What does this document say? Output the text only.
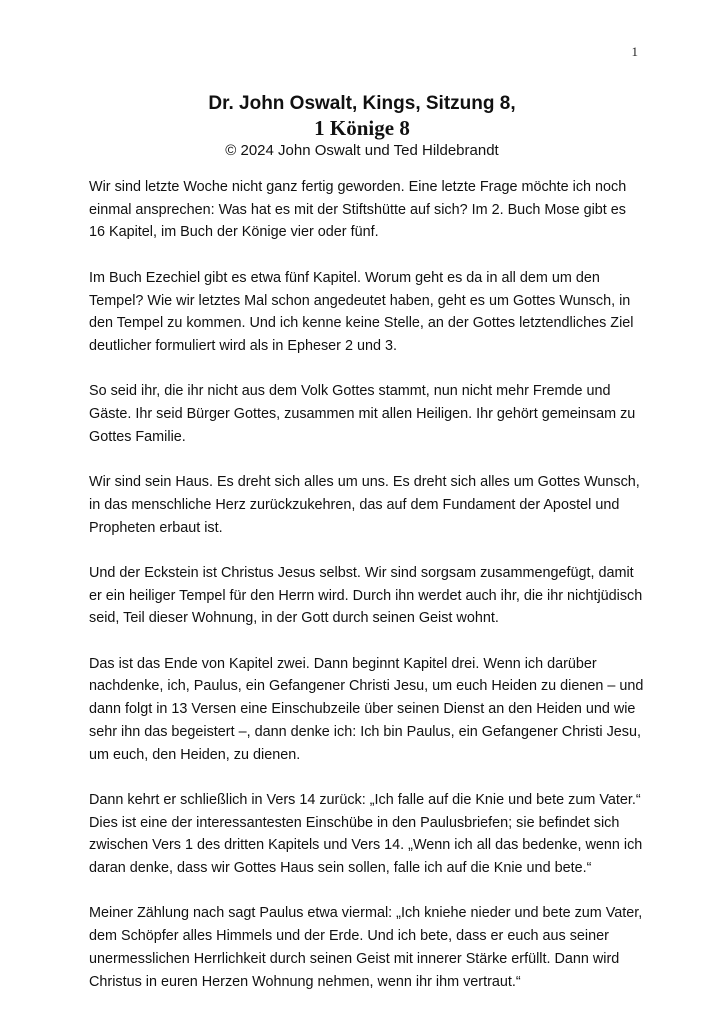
1

Dr. John Oswalt, Kings, Sitzung 8,

1 Könige 8

© 2024 John Oswalt und Ted Hildebrandt

Wir sind letzte Woche nicht ganz fertig geworden. Eine letzte Frage möchte ich noch einmal ansprechen: Was hat es mit der Stiftshütte auf sich? Im 2. Buch Mose gibt es 16 Kapitel, im Buch der Könige vier oder fünf.

Im Buch Ezechiel gibt es etwa fünf Kapitel. Worum geht es da in all dem um den Tempel? Wie wir letztes Mal schon angedeutet haben, geht es um Gottes Wunsch, in den Tempel zu kommen. Und ich kenne keine Stelle, an der Gottes letztendliches Ziel deutlicher formuliert wird als in Epheser 2 und 3.

So seid ihr, die ihr nicht aus dem Volk Gottes stammt, nun nicht mehr Fremde und Gäste. Ihr seid Bürger Gottes, zusammen mit allen Heiligen. Ihr gehört gemeinsam zu Gottes Familie.

Wir sind sein Haus. Es dreht sich alles um uns. Es dreht sich alles um Gottes Wunsch, in das menschliche Herz zurückzukehren, das auf dem Fundament der Apostel und Propheten erbaut ist.

Und der Eckstein ist Christus Jesus selbst. Wir sind sorgsam zusammengefügt, damit er ein heiliger Tempel für den Herrn wird. Durch ihn werdet auch ihr, die ihr nichtjüdisch seid, Teil dieser Wohnung, in der Gott durch seinen Geist wohnt.

Das ist das Ende von Kapitel zwei. Dann beginnt Kapitel drei. Wenn ich darüber nachdenke, ich, Paulus, ein Gefangener Christi Jesu, um euch Heiden zu dienen – und dann folgt in 13 Versen eine Einschubzeile über seinen Dienst an den Heiden und wie sehr ihn das begeistert –, dann denke ich: Ich bin Paulus, ein Gefangener Christi Jesu, um euch, den Heiden, zu dienen.

Dann kehrt er schließlich in Vers 14 zurück: „Ich falle auf die Knie und bete zum Vater.“ Dies ist eine der interessantesten Einschübe in den Paulusbriefen; sie befindet sich zwischen Vers 1 des dritten Kapitels und Vers 14. „Wenn ich all das bedenke, wenn ich daran denke, dass wir Gottes Haus sein sollen, falle ich auf die Knie und bete.“

Meiner Zählung nach sagt Paulus etwa viermal: „Ich kniehe nieder und bete zum Vater, dem Schöpfer alles Himmels und der Erde. Und ich bete, dass er euch aus seiner unermesslichen Herrlichkeit durch seinen Geist mit innerer Stärke erfüllt. Dann wird Christus in euren Herzen Wohnung nehmen, wenn ihr ihm vertraut.“
